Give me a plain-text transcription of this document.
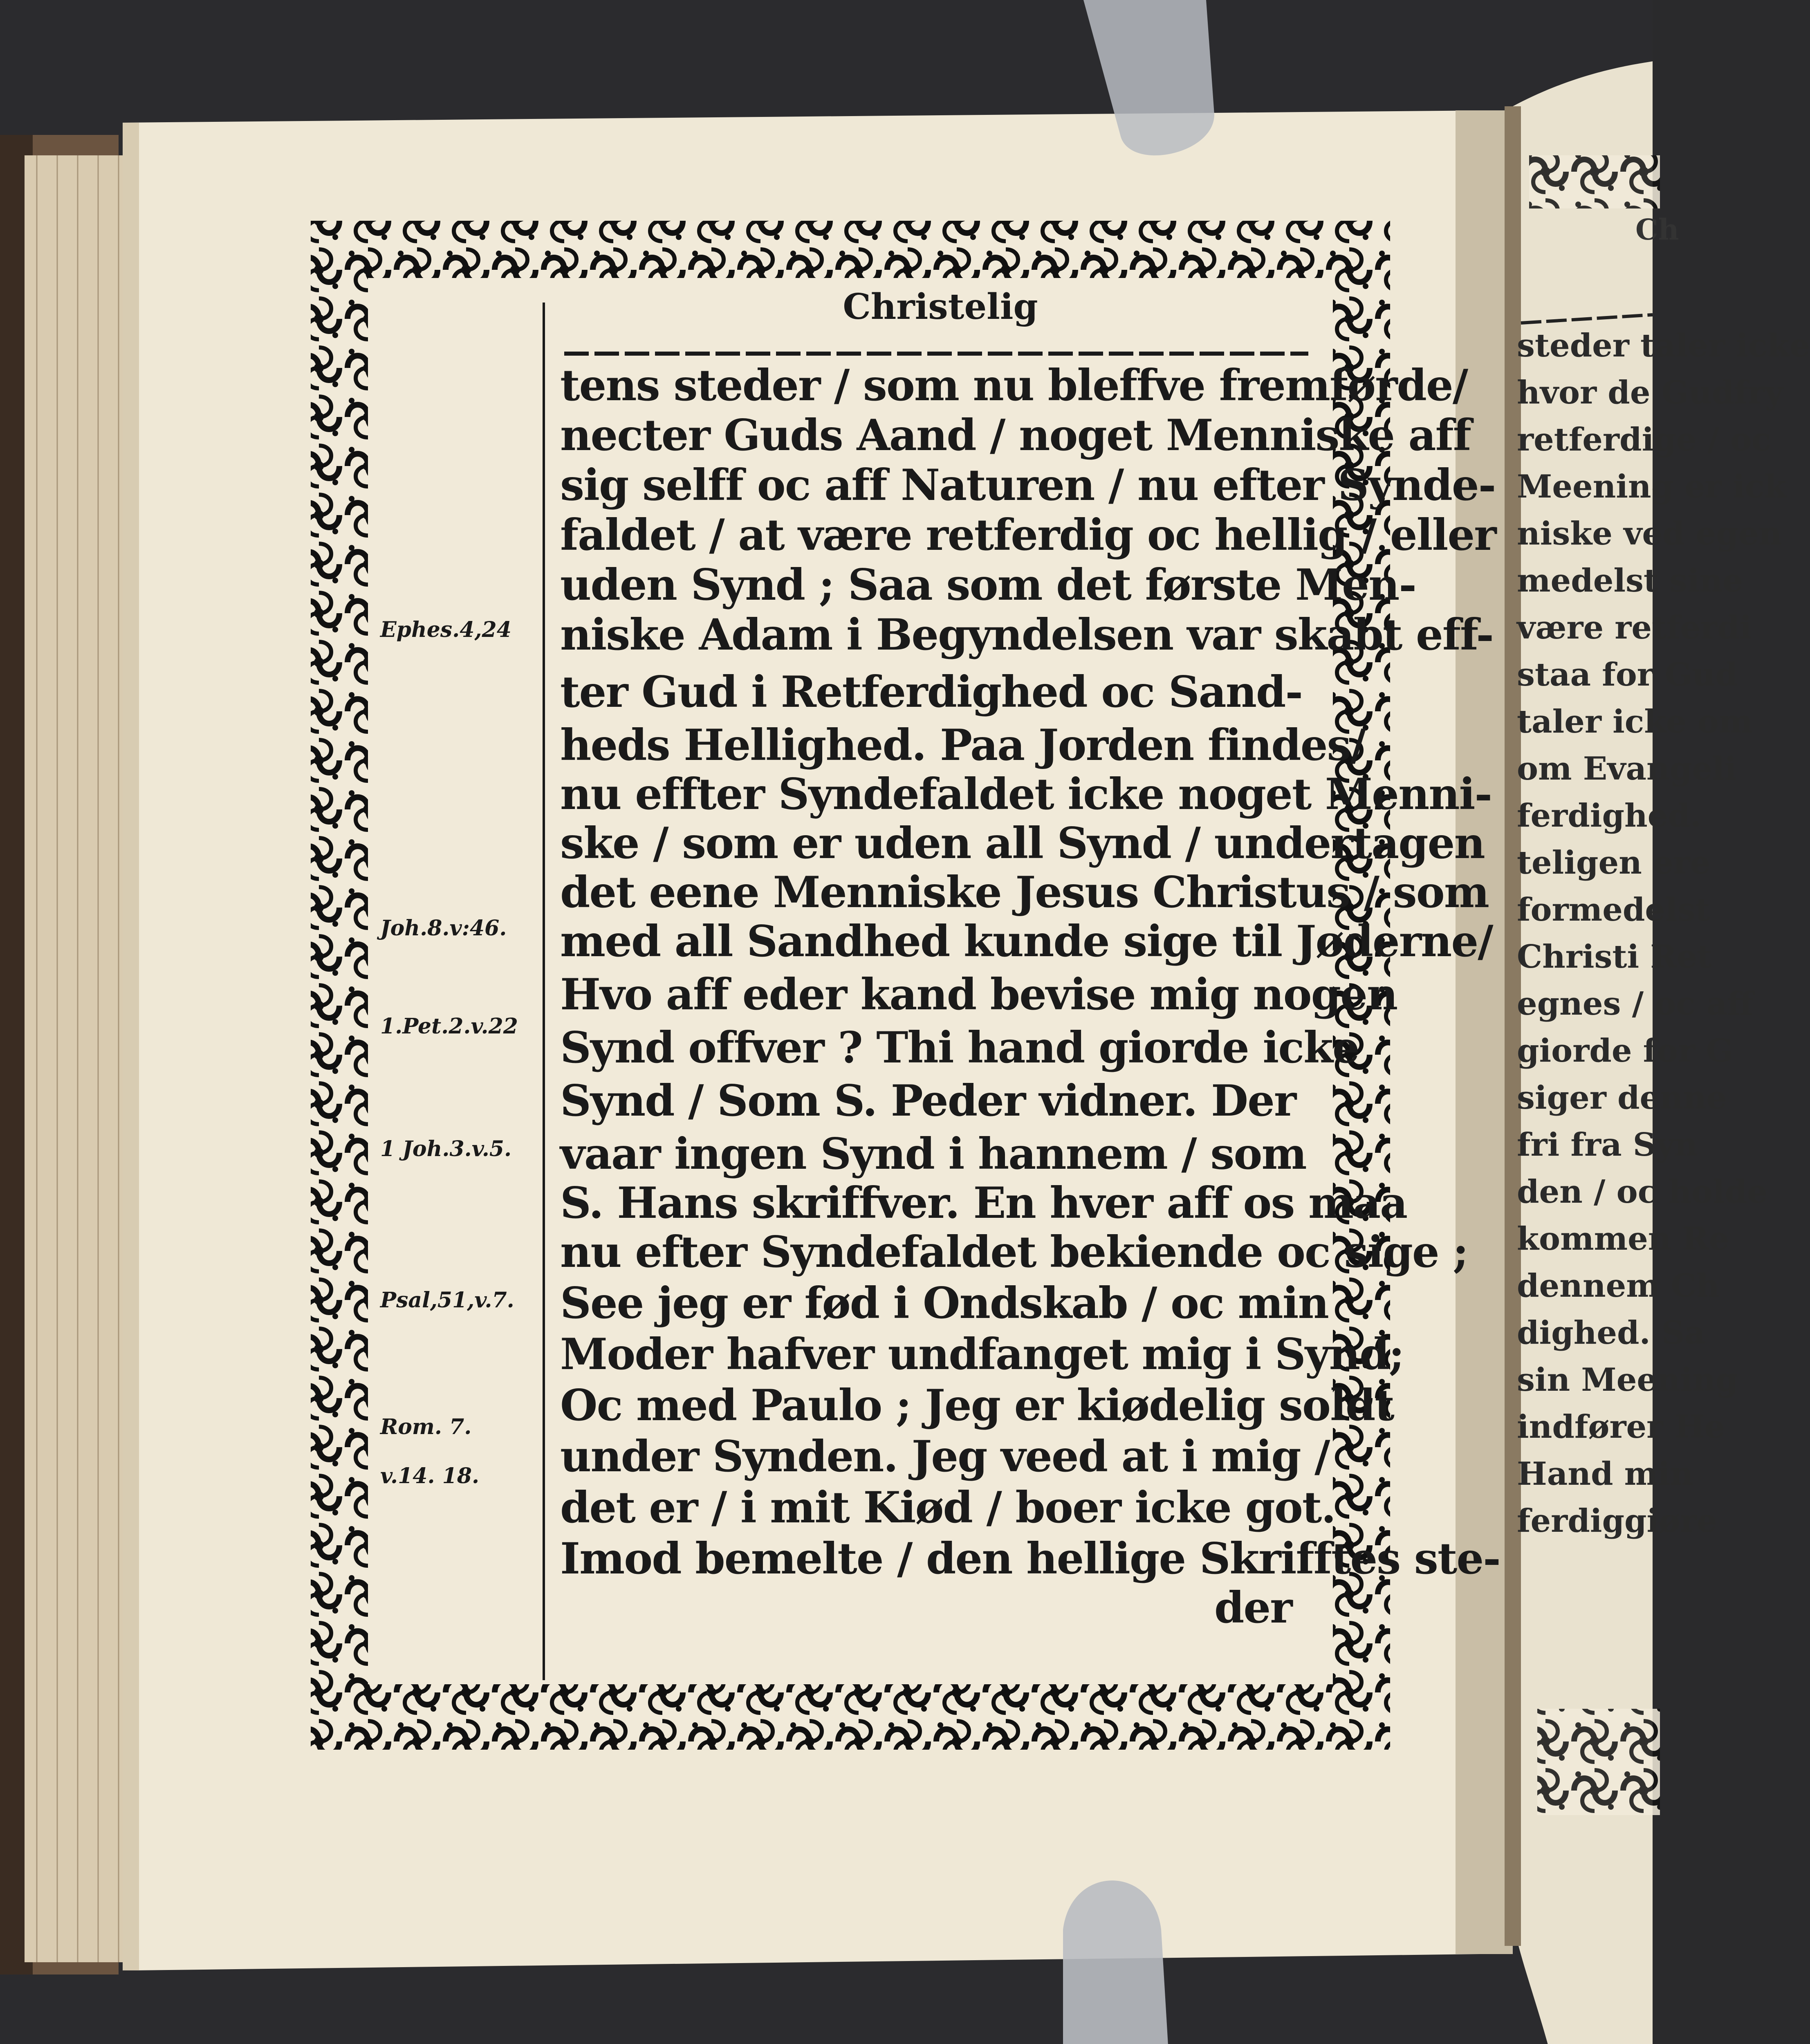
Christelig
tens steder / som nu bleffve fremførde/
necter Guds Aand / noget Menniske aff
sig selff oc aff Naturen / nu efter Synde-
faldet / at være retferdig oc hellig / eller
uden Synd ; Saa som det første Men-
niske Adam i Begyndelsen var skabt eff-
ter Gud i Retferdighed oc Sand-
heds Hellighed. Paa Jorden findes/
nu effter Syndefaldet icke noget Menni-
ske / som er uden all Synd / undertagen
det eene Menniske Jesus Christus / som
med all Sandhed kunde sige til Jøderne/
Hvo aff eder kand bevise mig nogen
Synd offver ? Thi hand giorde icke
Synd / Som S. Peder vidner. Der
vaar ingen Synd i hannem / som
S. Hans skriffver. En hver aff os maa
nu efter Syndefaldet bekiende oc sige ;
See jeg er fød i Ondskab / oc min
Moder hafver undfanget mig i Synd;
Oc med Paulo ; Jeg er kiødelig soldt
under Synden. Jeg veed at i mig /
det er / i mit Kiød / boer icke got.
Imod bemelte / den hellige Skrifftes ste-
der
Ephes.4,24
Joh.8.v:46.
1.Pet.2.v.22
1 Joh.3.v.5.
Psal,51,v.7.
Rom. 7.
v.14. 18.
Ch
steder taler icke
hvor de Gudfry
retferdige / oc
Meening er ick
niske ved egen
medelst sine
være retferdi
staa for Gud
taler icke om
om Evangeli
ferdighed.
teligen ere
formedelst
Christi Ret
egnes / oc aff
giorde for G
siger denne
fri fra Syn
den / oc holde
kommen Re
dennem Ch
dighed. Sa
sin Meening
indfører He
Hand min
ferdiggiøre
